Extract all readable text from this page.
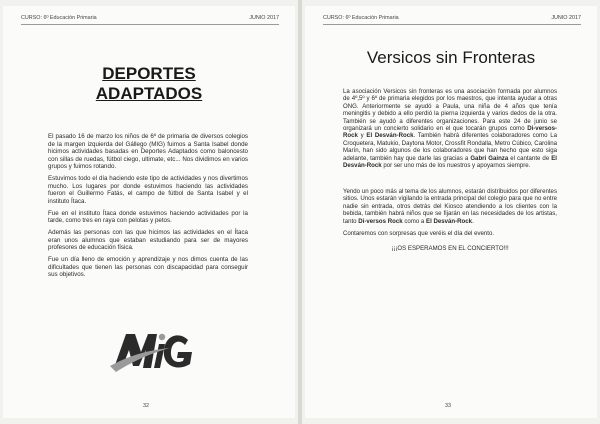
CURSO: 6º Educación Primaria	JUNIO 2017
DEPORTES
ADAPTADOS

El pasado 16 de marzo los niños de 6º de primaria de diversos colegios de la margen izquierda del Gállego (MIG) fuimos a Santa Isabel donde hicimos actividades basadas en Deportes Adaptados como baloncesto con sillas de ruedas, fútbol ciego, ultimate, etc... Nos dividimos en varios grupos y fuimos rotando.

Estuvimos todo el día haciendo este tipo de actividades y nos divertimos mucho. Los lugares por donde estuvimos haciendo las actividades fueron el Guillermo Fatás, el campo de fútbol de Santa Isabel y el instituto Ítaca.

Fue en el instituto Ítaca donde estuvimos haciendo actividades por la tarde, como tres en raya con pelotas y petos.

Además las personas con las que hicimos las actividades en el Ítaca eran unos alumnos que estaban estudiando para ser de mayores profesores de educación física.

Fue un día lleno de emoción y aprendizaje y nos dimos cuenta de las dificultades que tienen las personas con discapacidad para conseguir sus objetivos.

32
CURSO: 6º Educación Primaria	JUNIO 2017
Versicos sin Fronteras

La asociación Versicos sin fronteras es una asociación formada por alumnos de 4º,5º y 6º de primaria elegidos por los maestros, que intenta ayudar a otras ONG. Anteriormente se ayudó a Paula, una niña de 4 años que tenía meningitis y debido a ello perdió la pierna izquierda y varios dedos de la otra. También se ayudó a diferentes organizaciones. Para este 24 de junio se organizará un concierto solidario en el que tocarán grupos como Di-versos-Rock y El Desván-Rock. También habrá diferentes colaboradores como La Croquetera, Matukio, Daytona Motor, Crossfit Rondalla, Metro Cúbico, Carolina Marín, han sido algunos de los colaboradores que han hecho que esto siga adelante, también hay que darle las gracias a Gabri Gainza el cantante de El Desván-Rock por ser uno más de los nuestros y apoyarnos siempre.

Yendo un poco más al tema de los alumnos, estarán distribuidos por diferentes sitios. Unos estarán vigilando la entrada principal del colegio para que no entre nadie sin entrada, otros detrás del Kiosco atendiendo a los clientes con la bebida, también habrá niños que se fijarán en las necesidades de los artistas, tanto Di-versos Rock como a El Desván-Rock.

Contaremos con sorpresas que veréis el día del evento.

¡¡¡OS ESPERAMOS EN EL CONCIERTO!!!

33
